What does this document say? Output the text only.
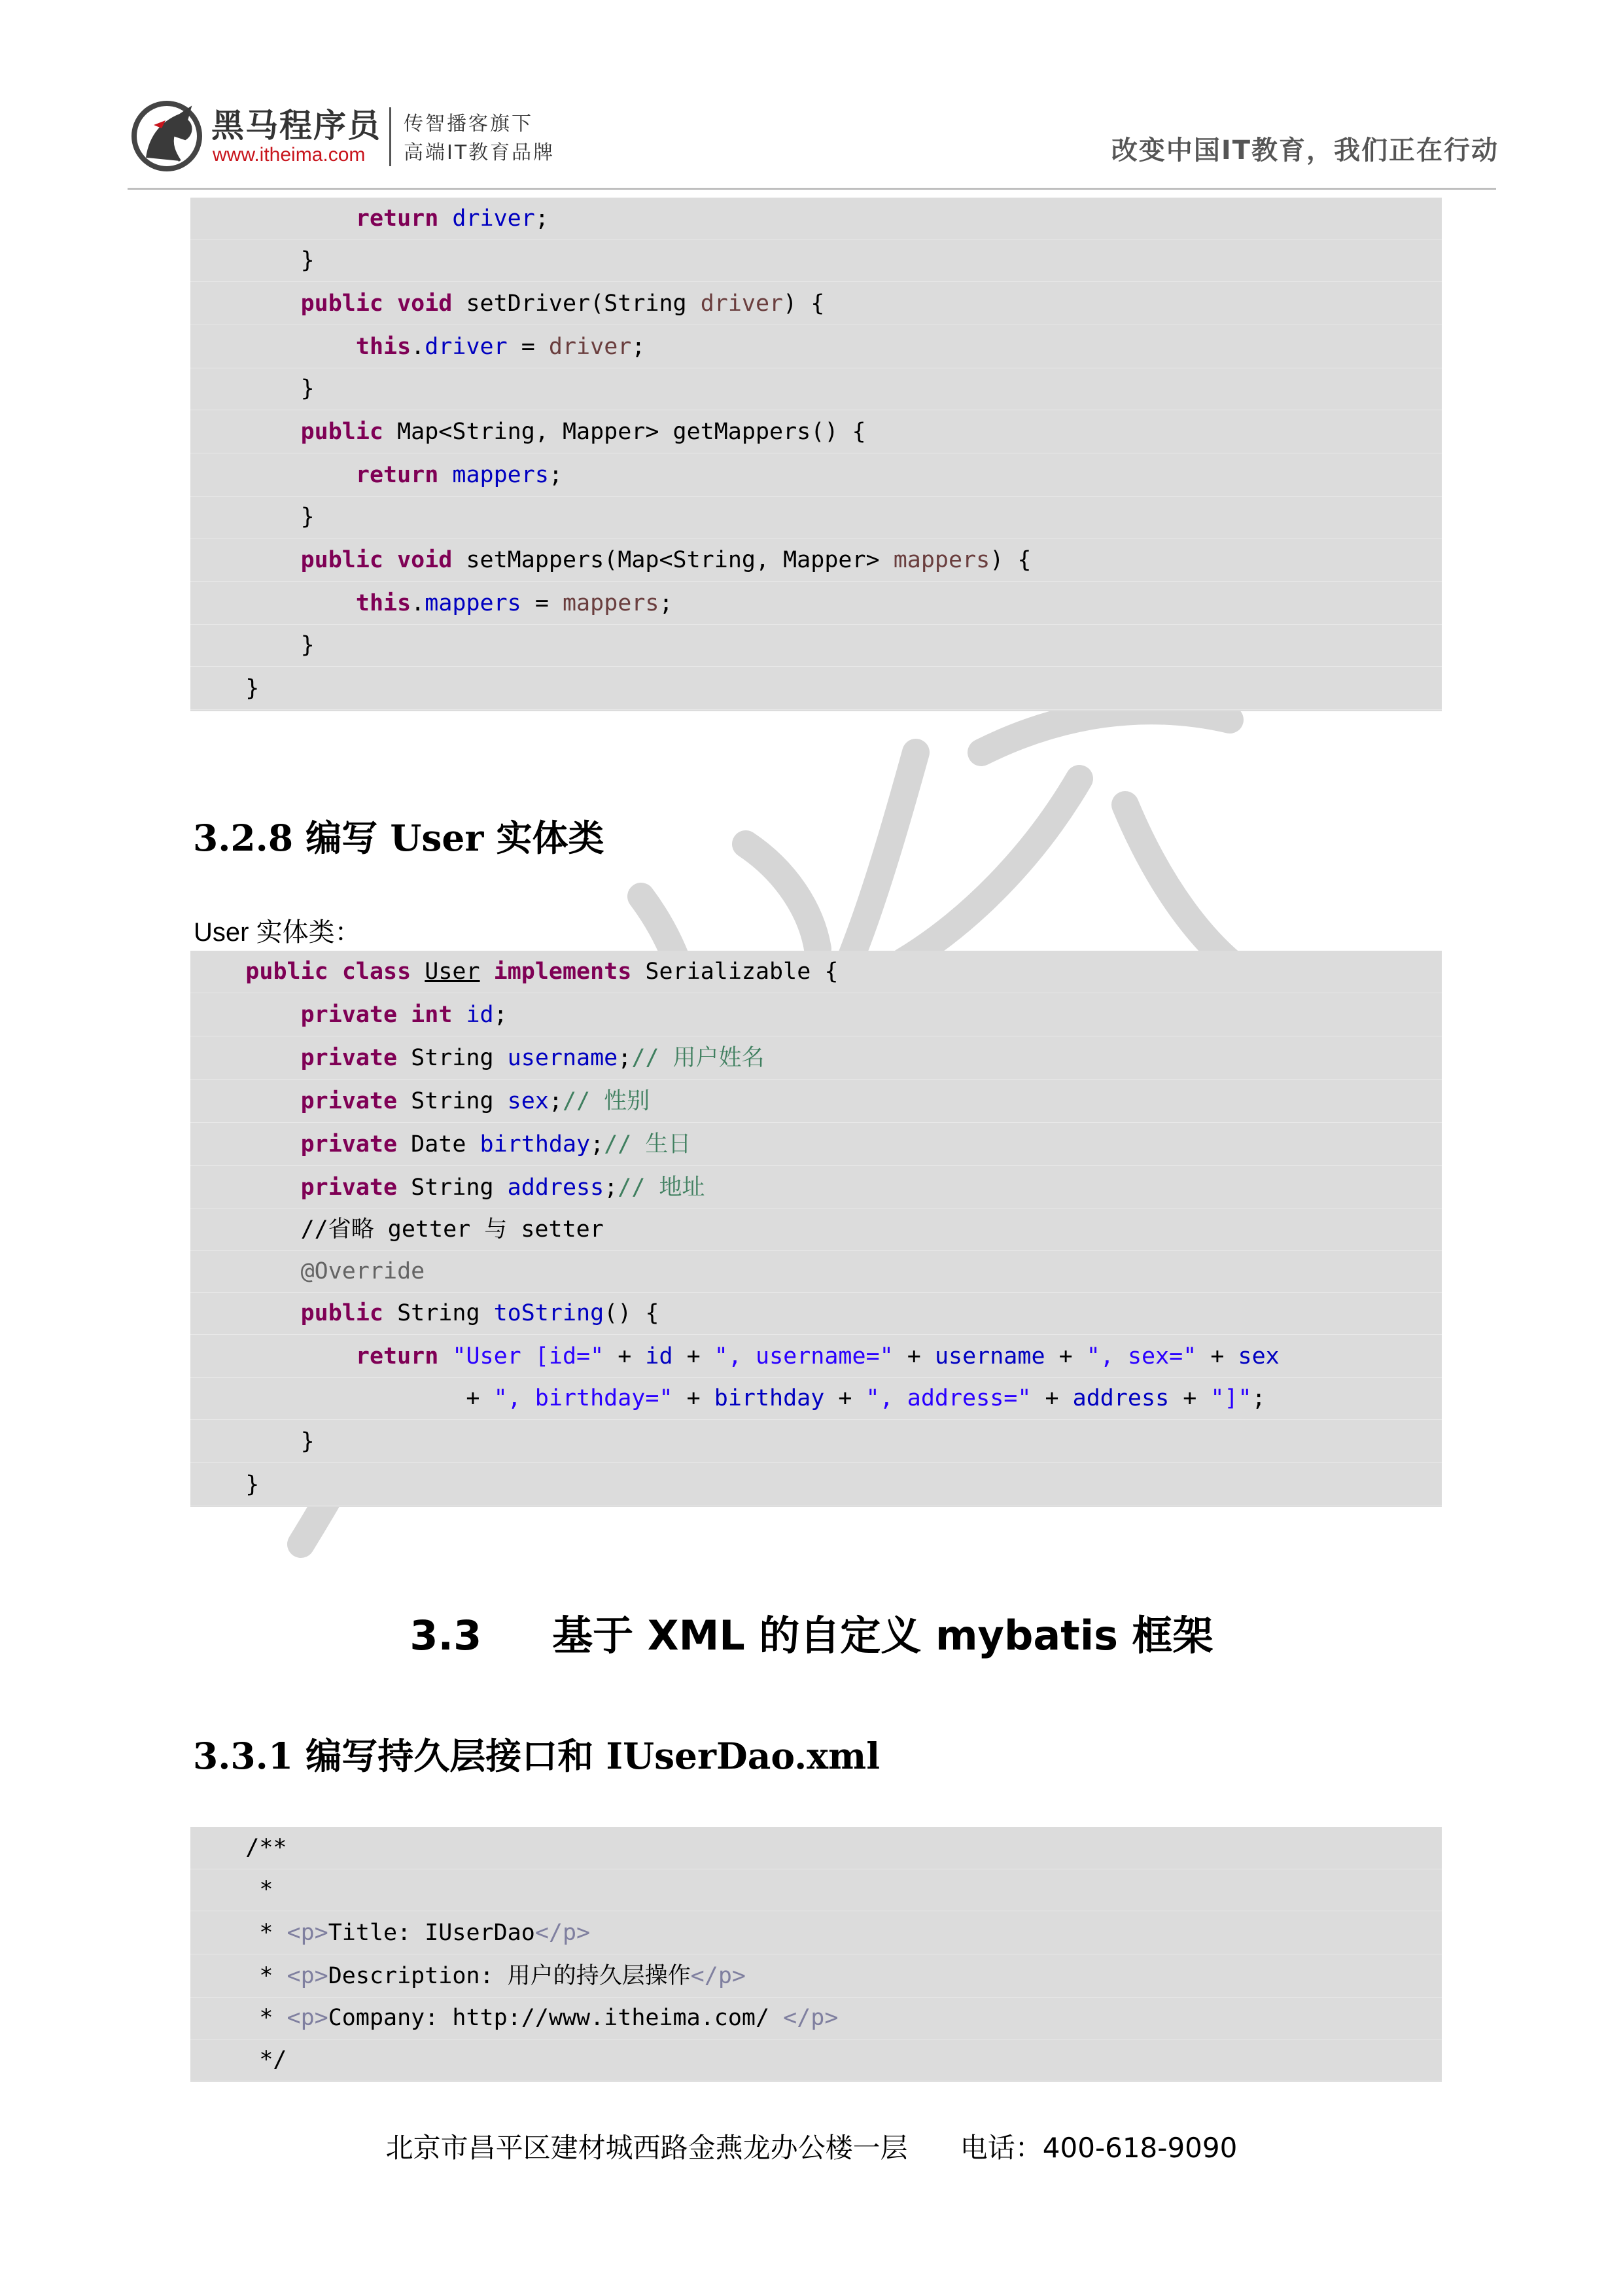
黑马程序员
www.itheima.com
传智播客旗下
高端IT教育品牌	改变中国IT教育，我们正在行动
return driver;
}
public void setDriver(String driver) {
this.driver = driver;
}
public Map<String, Mapper> getMappers() {
return mappers;
}
public void setMappers(Map<String, Mapper> mappers) {
this.mappers = mappers;
}
}
3.2.8 编写 User 实体类
User 实体类：
public class User implements Serializable {
private int id;
private String username;// 用户姓名
private String sex;// 性别
private Date birthday;// 生日
private String address;// 地址
//省略 getter 与 setter
@Override
public String toString() {
return "User [id=" + id + ", username=" + username + ", sex=" + sex
+ ", birthday=" + birthday + ", address=" + address + "]";
}
}
3.3     基于 XML 的自定义 mybatis 框架
3.3.1 编写持久层接口和 IUserDao.xml
/**
*
* <p>Title: IUserDao</p>
* <p>Description: 用户的持久层操作</p>
* <p>Company: http://www.itheima.com/ </p>
*/
北京市昌平区建材城西路金燕龙办公楼一层 电话：400-618-9090
